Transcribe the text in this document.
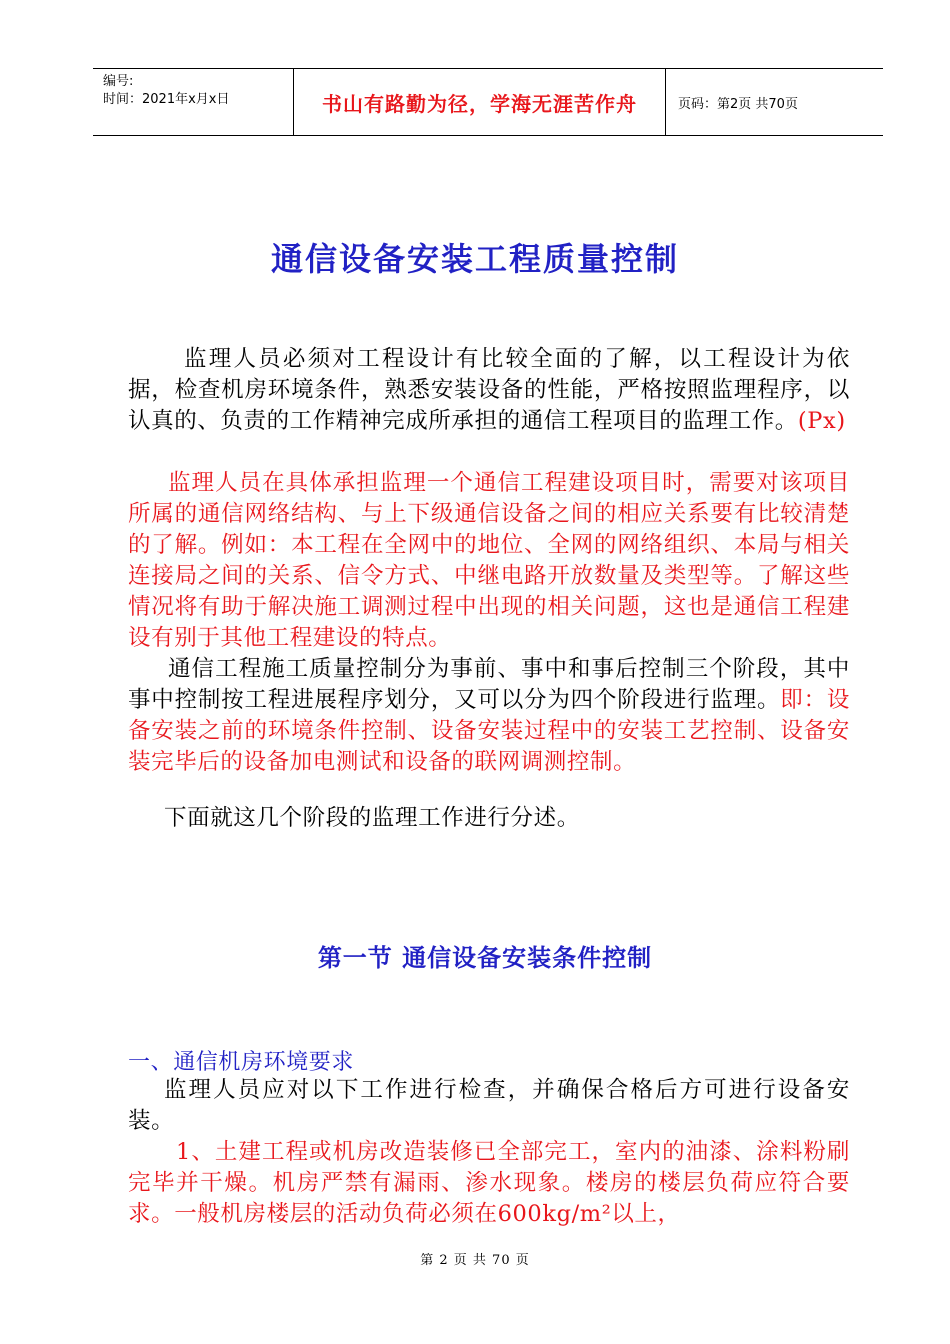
编号:
时间：2021年x月x日	书山有路勤为径，学海无涯苦作舟	页码：第2页 共70页
通信设备安装工程质量控制
监理人员必须对工程设计有比较全面的了解，以工程设计为依据，检查机房环境条件，熟悉安装设备的性能，严格按照监理程序，以认真的、负责的工作精神完成所承担的通信工程项目的监理工作。(Px)
监理人员在具体承担监理一个通信工程建设项目时，需要对该项目所属的通信网络结构、与上下级通信设备之间的相应关系要有比较清楚的了解。例如：本工程在全网中的地位、全网的网络组织、本局与相关连接局之间的关系、信令方式、中继电路开放数量及类型等。了解这些情况将有助于解决施工调测过程中出现的相关问题，这也是通信工程建设有别于其他工程建设的特点。
通信工程施工质量控制分为事前、事中和事后控制三个阶段，其中事中控制按工程进展程序划分，又可以分为四个阶段进行监理。即：设备安装之前的环境条件控制、设备安装过程中的安装工艺控制、设备安装完毕后的设备加电测试和设备的联网调测控制。
下面就这几个阶段的监理工作进行分述。
第一节 通信设备安装条件控制
一、通信机房环境要求
监理人员应对以下工作进行检查，并确保合格后方可进行设备安装。
1、土建工程或机房改造装修已全部完工，室内的油漆、涂料粉刷完毕并干燥。机房严禁有漏雨、渗水现象。楼房的楼层负荷应符合要求。一般机房楼层的活动负荷必须在600kg/m²以上，
第 2 页 共 70 页
